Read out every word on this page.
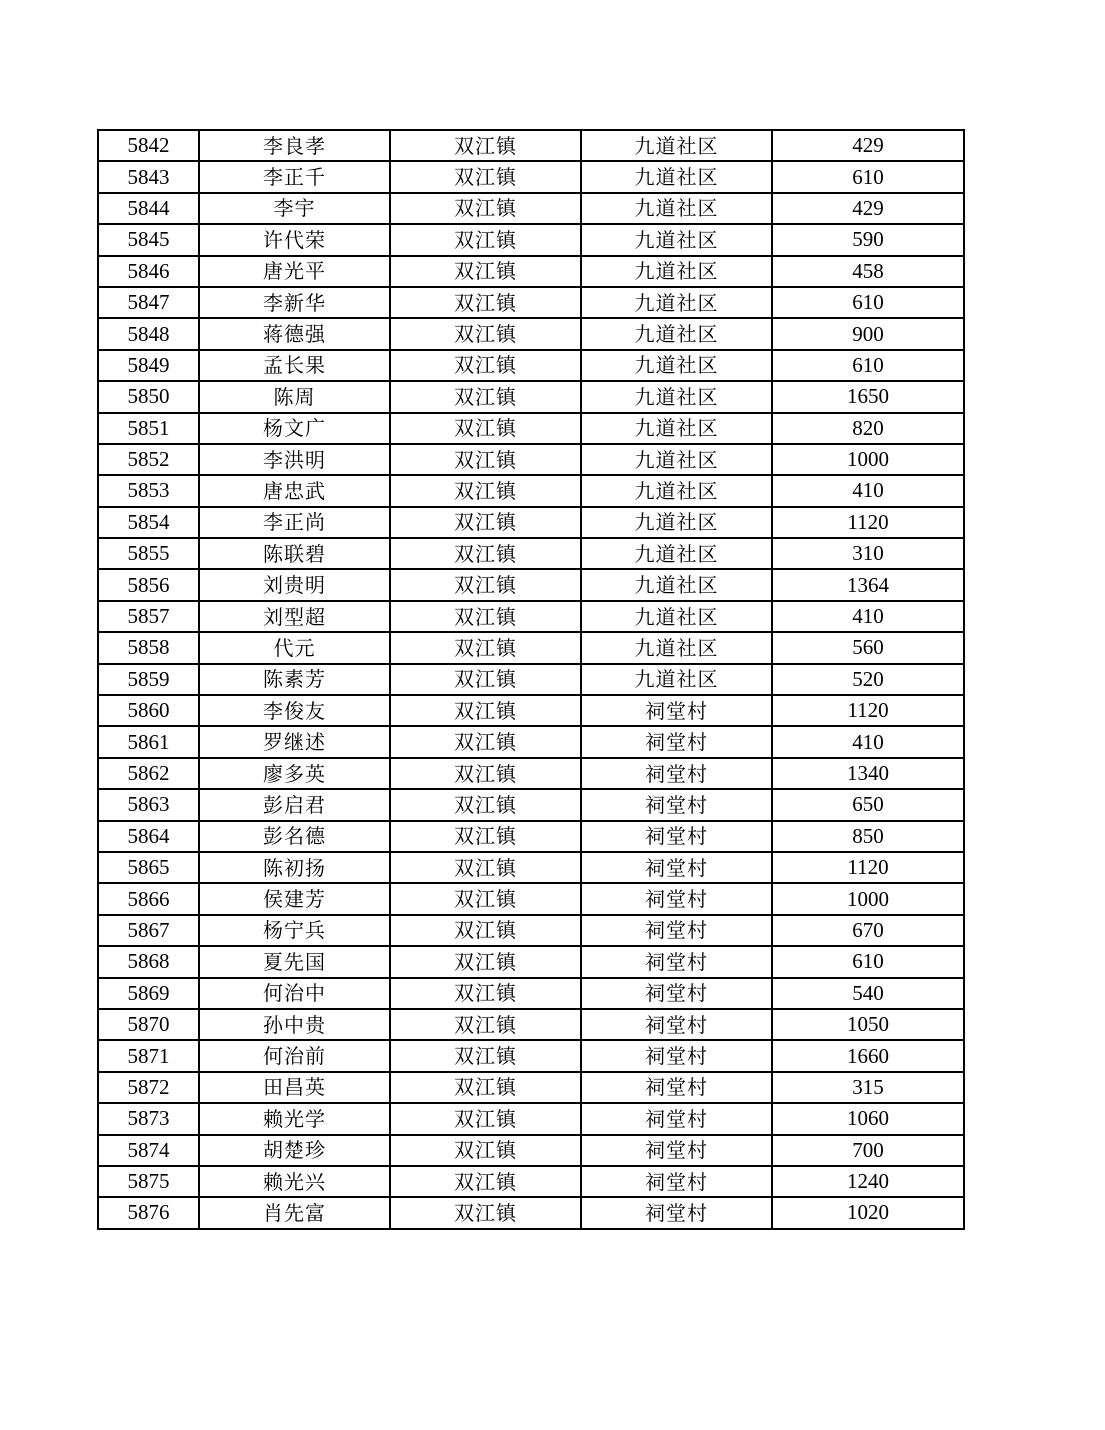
5842	李良孝	双江镇	九道社区	429
5843	李正千	双江镇	九道社区	610
5844	李宇	双江镇	九道社区	429
5845	许代荣	双江镇	九道社区	590
5846	唐光平	双江镇	九道社区	458
5847	李新华	双江镇	九道社区	610
5848	蒋德强	双江镇	九道社区	900
5849	孟长果	双江镇	九道社区	610
5850	陈周	双江镇	九道社区	1650
5851	杨文广	双江镇	九道社区	820
5852	李洪明	双江镇	九道社区	1000
5853	唐忠武	双江镇	九道社区	410
5854	李正尚	双江镇	九道社区	1120
5855	陈联碧	双江镇	九道社区	310
5856	刘贵明	双江镇	九道社区	1364
5857	刘型超	双江镇	九道社区	410
5858	代元	双江镇	九道社区	560
5859	陈素芳	双江镇	九道社区	520
5860	李俊友	双江镇	祠堂村	1120
5861	罗继述	双江镇	祠堂村	410
5862	廖多英	双江镇	祠堂村	1340
5863	彭启君	双江镇	祠堂村	650
5864	彭名德	双江镇	祠堂村	850
5865	陈初扬	双江镇	祠堂村	1120
5866	侯建芳	双江镇	祠堂村	1000
5867	杨宁兵	双江镇	祠堂村	670
5868	夏先国	双江镇	祠堂村	610
5869	何治中	双江镇	祠堂村	540
5870	孙中贵	双江镇	祠堂村	1050
5871	何治前	双江镇	祠堂村	1660
5872	田昌英	双江镇	祠堂村	315
5873	赖光学	双江镇	祠堂村	1060
5874	胡楚珍	双江镇	祠堂村	700
5875	赖光兴	双江镇	祠堂村	1240
5876	肖先富	双江镇	祠堂村	1020
